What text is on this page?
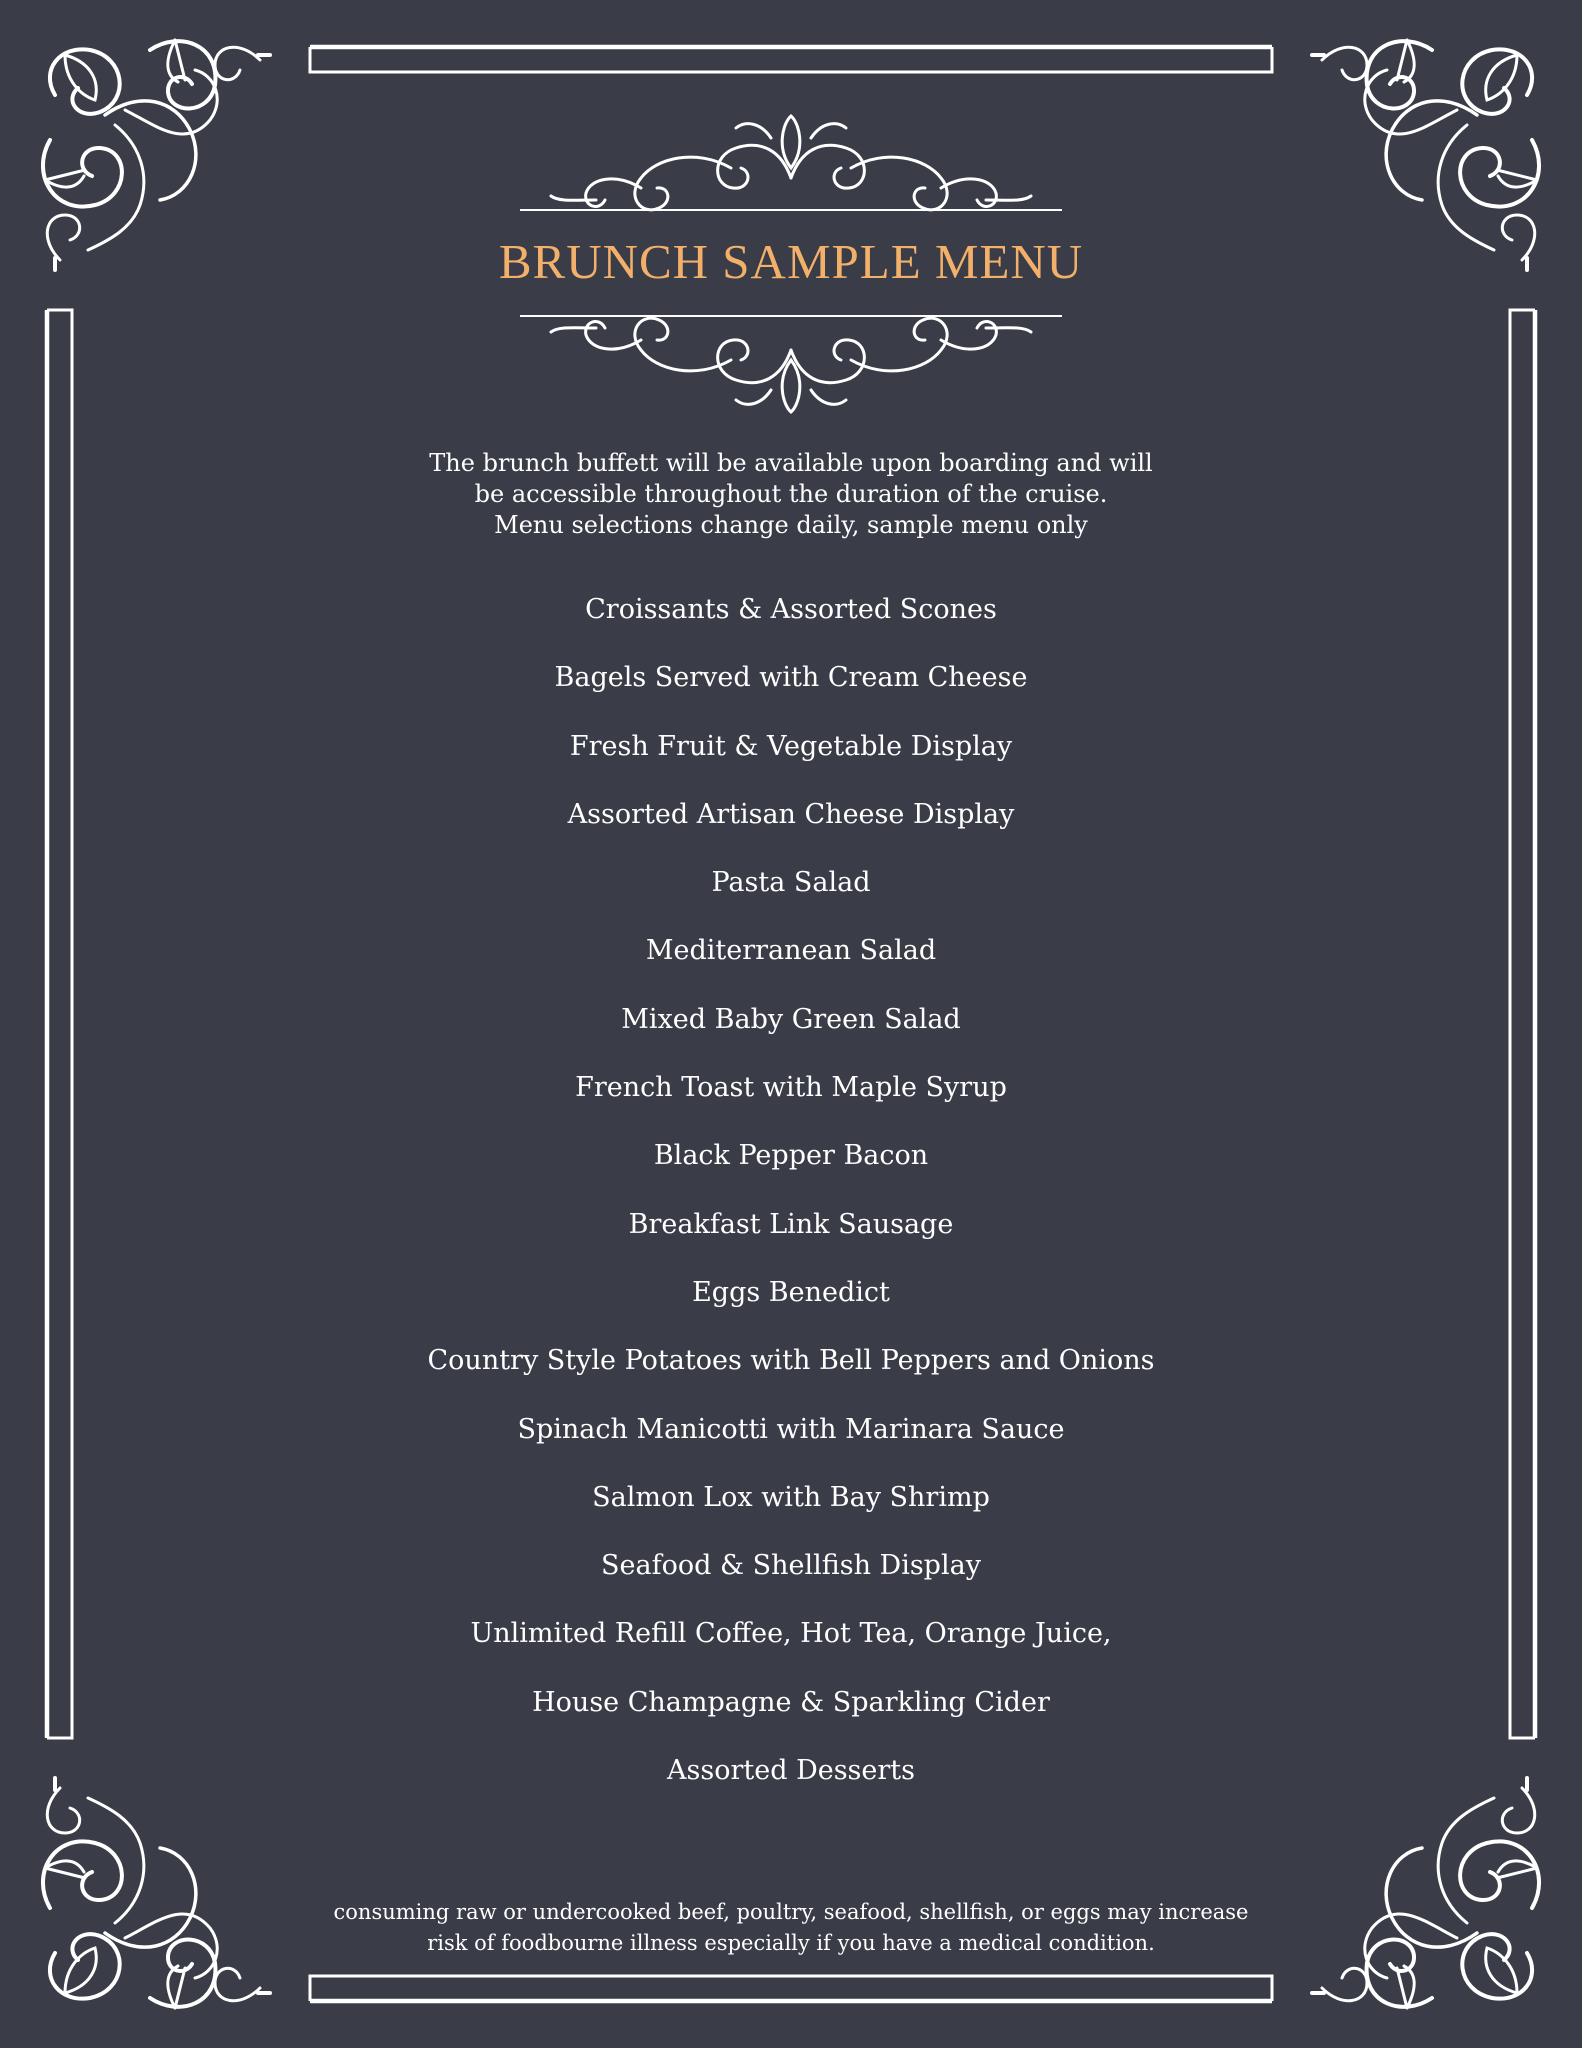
BRUNCH SAMPLE MENU
The brunch buffett will be available upon boarding and will
be accessible throughout the duration of the cruise.
Menu selections change daily, sample menu only
Croissants & Assorted Scones
Bagels Served with Cream Cheese
Fresh Fruit & Vegetable Display
Assorted Artisan Cheese Display
Pasta Salad
Mediterranean Salad
Mixed Baby Green Salad
French Toast with Maple Syrup
Black Pepper Bacon
Breakfast Link Sausage
Eggs Benedict
Country Style Potatoes with Bell Peppers and Onions
Spinach Manicotti with Marinara Sauce
Salmon Lox with Bay Shrimp
Seafood & Shellfish Display
Unlimited Refill Coffee, Hot Tea, Orange Juice,
House Champagne & Sparkling Cider
Assorted Desserts
consuming raw or undercooked beef, poultry, seafood, shellfish, or eggs may increase
risk of foodbourne illness especially if you have a medical condition.
